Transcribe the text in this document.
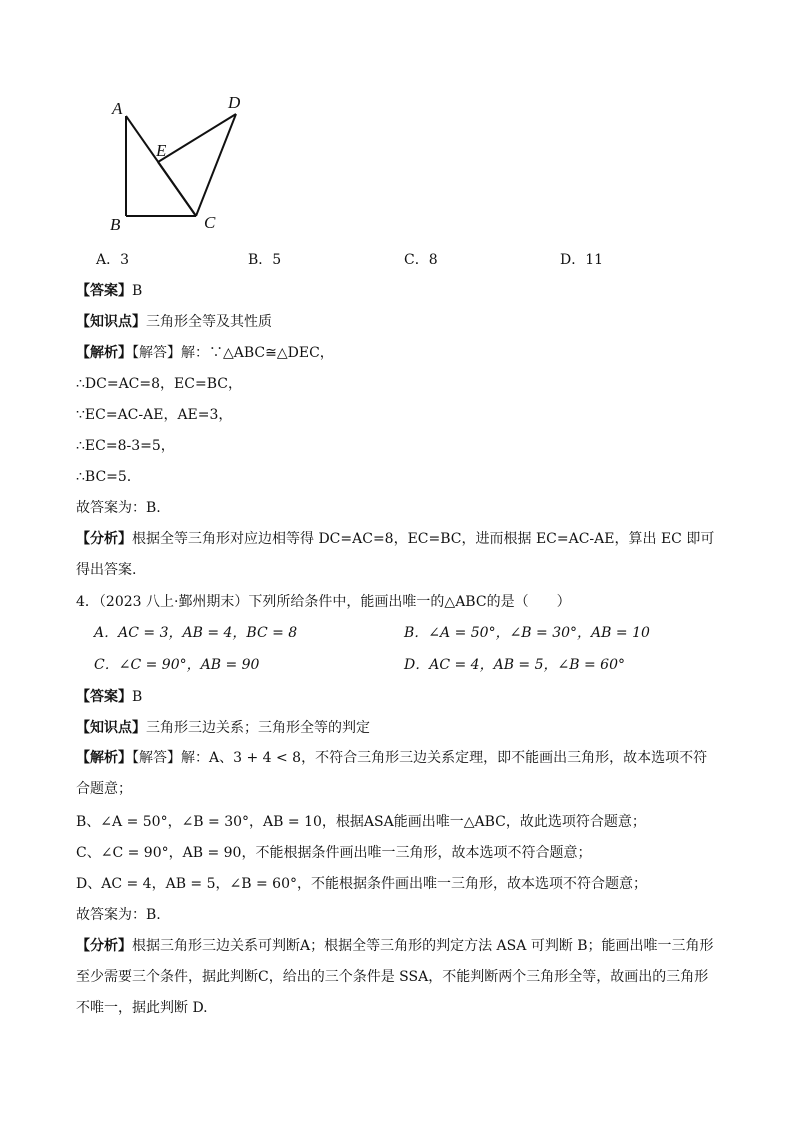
A
B	C
D
E
A．3	B．5	C．8	D．11
【答案】B
【知识点】三角形全等及其性质
【解析】【解答】解：∵△ABC≅△DEC，
∴DC=AC=8，EC=BC，
∵EC=AC-AE，AE=3，
∴EC=8-3=5，
∴BC=5.
故答案为：B.
【分析】根据全等三角形对应边相等得 DC=AC=8，EC=BC，进而根据 EC=AC-AE，算出 EC 即可得出答案.
4．（2023 八上·鄞州期末）下列所给条件中，能画出唯一的△ABC的是（　　）
A．AC = 3，AB = 4，BC = 8	B．∠A = 50°，∠B = 30°，AB = 10
C．∠C = 90°，AB = 90	D．AC = 4，AB = 5，∠B = 60°
【答案】B
【知识点】三角形三边关系；三角形全等的判定
【解析】【解答】解：A、3 + 4 < 8，不符合三角形三边关系定理，即不能画出三角形，故本选项不符合题意；
B、∠A = 50°，∠B = 30°，AB = 10，根据ASA能画出唯一△ABC，故此选项符合题意；
C、∠C = 90°，AB = 90，不能根据条件画出唯一三角形，故本选项不符合题意；
D、AC = 4，AB = 5，∠B = 60°，不能根据条件画出唯一三角形，故本选项不符合题意；
故答案为：B.
【分析】根据三角形三边关系可判断A；根据全等三角形的判定方法 ASA 可判断 B；能画出唯一三角形至少需要三个条件，据此判断C，给出的三个条件是 SSA，不能判断两个三角形全等，故画出的三角形不唯一，据此判断 D.
